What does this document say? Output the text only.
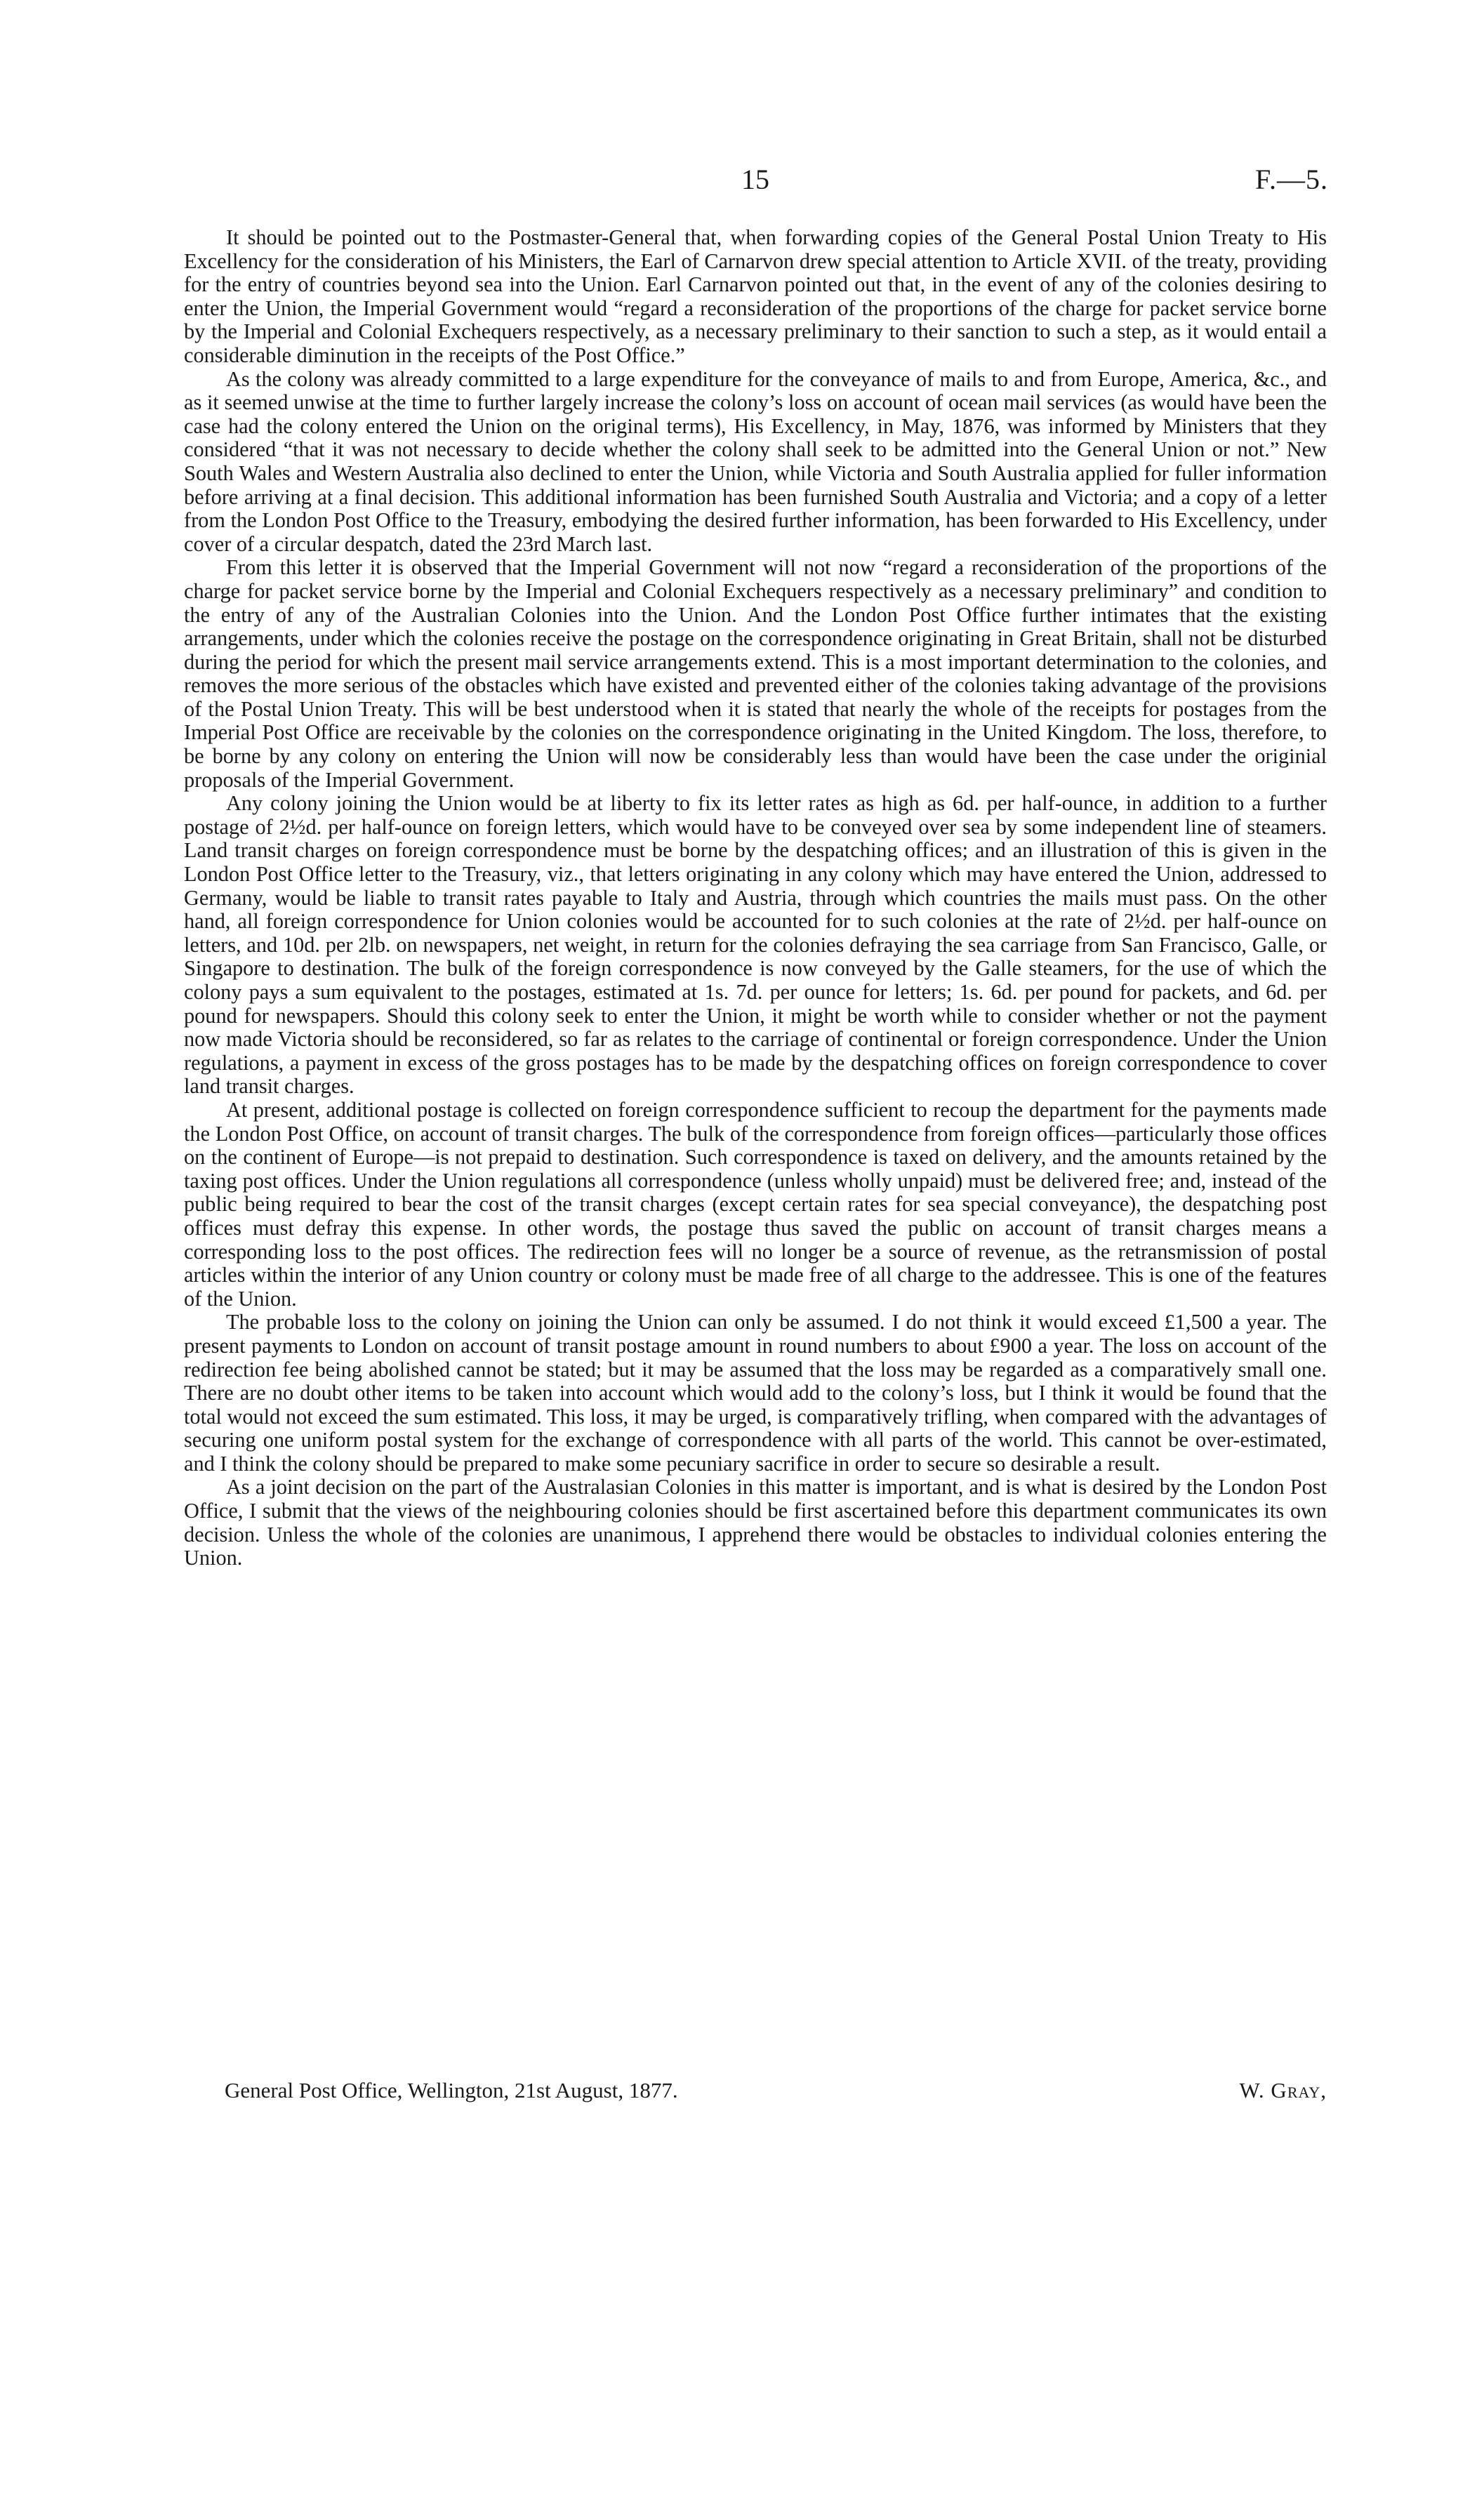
15	F.—5.

It should be pointed out to the Postmaster-General that, when forwarding copies of the General Postal Union Treaty to His Excellency for the consideration of his Ministers, the Earl of Carnarvon drew special attention to Article XVII. of the treaty, providing for the entry of countries beyond sea into the Union. Earl Carnarvon pointed out that, in the event of any of the colonies desiring to enter the Union, the Imperial Government would “regard a reconsideration of the proportions of the charge for packet service borne by the Imperial and Colonial Exchequers respectively, as a necessary preliminary to their sanction to such a step, as it would entail a considerable diminution in the receipts of the Post Office.”

As the colony was already committed to a large expenditure for the conveyance of mails to and from Europe, America, &c., and as it seemed unwise at the time to further largely increase the colony’s loss on account of ocean mail services (as would have been the case had the colony entered the Union on the original terms), His Excellency, in May, 1876, was informed by Ministers that they considered “that it was not necessary to decide whether the colony shall seek to be admitted into the General Union or not.” New South Wales and Western Australia also declined to enter the Union, while Victoria and South Australia applied for fuller information before arriving at a final decision. This additional information has been furnished South Australia and Victoria; and a copy of a letter from the London Post Office to the Treasury, embodying the desired further information, has been forwarded to His Excellency, under cover of a circular despatch, dated the 23rd March last.

From this letter it is observed that the Imperial Government will not now “regard a reconsideration of the proportions of the charge for packet service borne by the Imperial and Colonial Exchequers respectively as a necessary preliminary” and condition to the entry of any of the Australian Colonies into the Union. And the London Post Office further intimates that the existing arrangements, under which the colonies receive the postage on the correspondence originating in Great Britain, shall not be disturbed during the period for which the present mail service arrangements extend. This is a most important determination to the colonies, and removes the more serious of the obstacles which have existed and prevented either of the colonies taking advantage of the provisions of the Postal Union Treaty. This will be best understood when it is stated that nearly the whole of the receipts for postages from the Imperial Post Office are receivable by the colonies on the correspondence originating in the United Kingdom. The loss, therefore, to be borne by any colony on entering the Union will now be considerably less than would have been the case under the originial proposals of the Imperial Government.

Any colony joining the Union would be at liberty to fix its letter rates as high as 6d. per half-ounce, in addition to a further postage of 2½d. per half-ounce on foreign letters, which would have to be conveyed over sea by some independent line of steamers. Land transit charges on foreign correspondence must be borne by the despatching offices; and an illustration of this is given in the London Post Office letter to the Treasury, viz., that letters originating in any colony which may have entered the Union, addressed to Germany, would be liable to transit rates payable to Italy and Austria, through which countries the mails must pass. On the other hand, all foreign correspondence for Union colonies would be accounted for to such colonies at the rate of 2½d. per half-ounce on letters, and 10d. per 2lb. on newspapers, net weight, in return for the colonies defraying the sea carriage from San Francisco, Galle, or Singapore to destination. The bulk of the foreign correspondence is now conveyed by the Galle steamers, for the use of which the colony pays a sum equivalent to the postages, estimated at 1s. 7d. per ounce for letters; 1s. 6d. per pound for packets, and 6d. per pound for newspapers. Should this colony seek to enter the Union, it might be worth while to consider whether or not the payment now made Victoria should be reconsidered, so far as relates to the carriage of continental or foreign correspondence. Under the Union regulations, a payment in excess of the gross postages has to be made by the despatching offices on foreign correspondence to cover land transit charges.

At present, additional postage is collected on foreign correspondence sufficient to recoup the department for the payments made the London Post Office, on account of transit charges. The bulk of the correspondence from foreign offices—particularly those offices on the continent of Europe—is not prepaid to destination. Such correspondence is taxed on delivery, and the amounts retained by the taxing post offices. Under the Union regulations all correspondence (unless wholly unpaid) must be delivered free; and, instead of the public being required to bear the cost of the transit charges (except certain rates for sea special conveyance), the despatching post offices must defray this expense. In other words, the postage thus saved the public on account of transit charges means a corresponding loss to the post offices. The redirection fees will no longer be a source of revenue, as the retransmission of postal articles within the interior of any Union country or colony must be made free of all charge to the addressee. This is one of the features of the Union.

The probable loss to the colony on joining the Union can only be assumed. I do not think it would exceed £1,500 a year. The present payments to London on account of transit postage amount in round numbers to about £900 a year. The loss on account of the redirection fee being abolished cannot be stated; but it may be assumed that the loss may be regarded as a comparatively small one. There are no doubt other items to be taken into account which would add to the colony’s loss, but I think it would be found that the total would not exceed the sum estimated. This loss, it may be urged, is comparatively trifling, when compared with the advantages of securing one uniform postal system for the exchange of correspondence with all parts of the world. This cannot be over-estimated, and I think the colony should be prepared to make some pecuniary sacrifice in order to secure so desirable a result.

As a joint decision on the part of the Australasian Colonies in this matter is important, and is what is desired by the London Post Office, I submit that the views of the neighbouring colonies should be first ascertained before this department communicates its own decision. Unless the whole of the colonies are unanimous, I apprehend there would be obstacles to individual colonies entering the Union.

General Post Office, Wellington, 21st August, 1877.	W. Gray,
